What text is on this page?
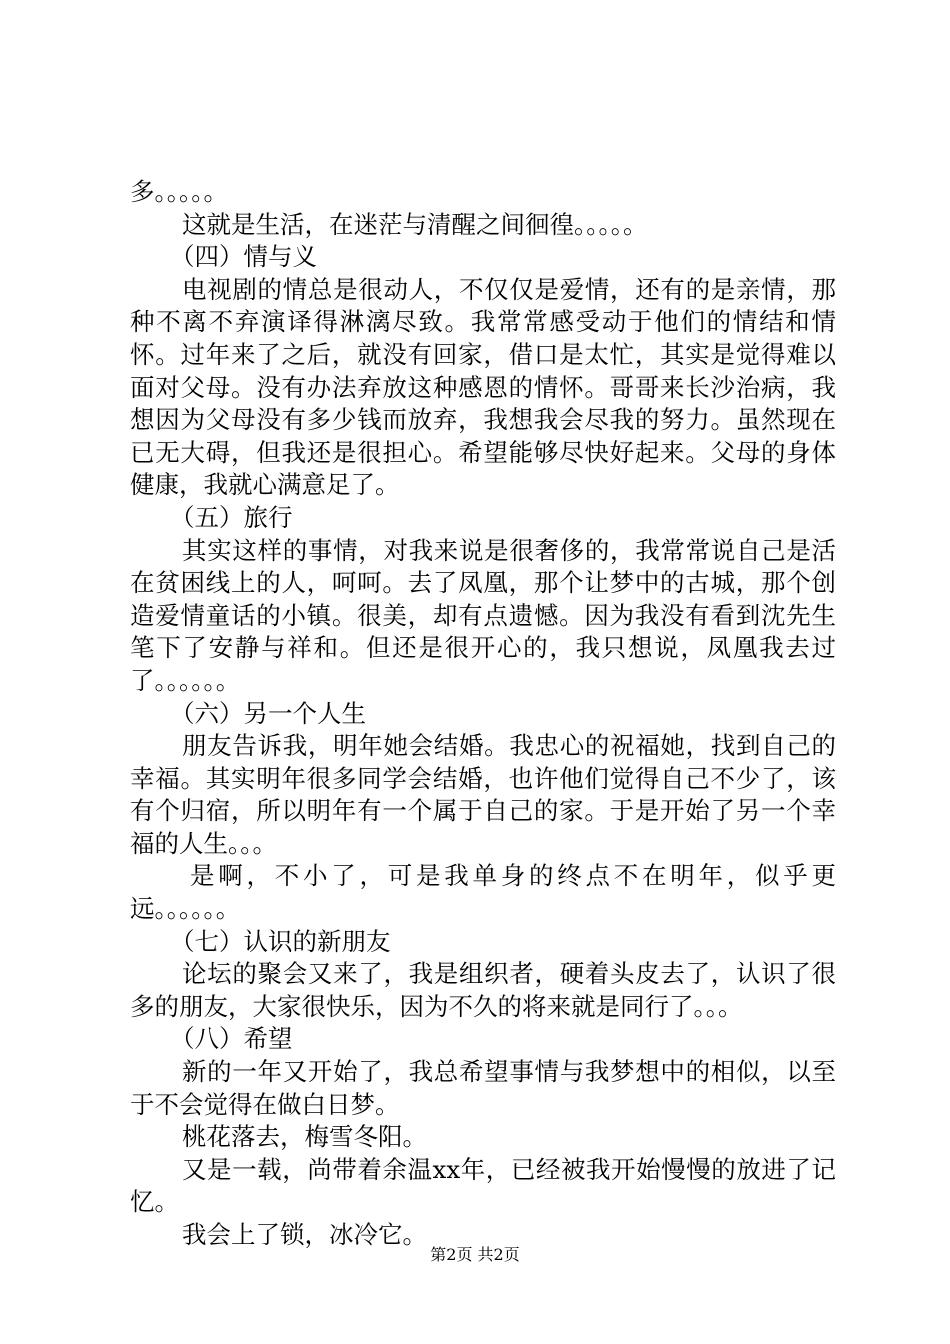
多。。。。。

这就是生活，在迷茫与清醒之间徊徨。。。。。

（四）情与义

电视剧的情总是很动人，不仅仅是爱情，还有的是亲情，那种不离不弃演译得淋漓尽致。我常常感受动于他们的情结和情怀。过年来了之后，就没有回家，借口是太忙，其实是觉得难以面对父母。没有办法弃放这种感恩的情怀。哥哥来长沙治病，我想因为父母没有多少钱而放弃，我想我会尽我的努力。虽然现在已无大碍，但我还是很担心。希望能够尽快好起来。父母的身体健康，我就心满意足了。

（五）旅行

其实这样的事情，对我来说是很奢侈的，我常常说自己是活在贫困线上的人，呵呵。去了凤凰，那个让梦中的古城，那个创造爱情童话的小镇。很美，却有点遗憾。因为我没有看到沈先生笔下了安静与祥和。但还是很开心的，我只想说，凤凰我去过了。。。。。。

（六）另一个人生

朋友告诉我，明年她会结婚。我忠心的祝福她，找到自己的幸福。其实明年很多同学会结婚，也许他们觉得自己不少了，该有个归宿，所以明年有一个属于自己的家。于是开始了另一个幸福的人生。。。

是啊，不小了，可是我单身的终点不在明年，似乎更远。。。。。。

（七）认识的新朋友

论坛的聚会又来了，我是组织者，硬着头皮去了，认识了很多的朋友，大家很快乐，因为不久的将来就是同行了。。。

（八）希望

新的一年又开始了，我总希望事情与我梦想中的相似，以至于不会觉得在做白日梦。

桃花落去，梅雪冬阳。

又是一载，尚带着余温xx年，已经被我开始慢慢的放进了记忆。

我会上了锁，冰冷它。

第2页 共2页
